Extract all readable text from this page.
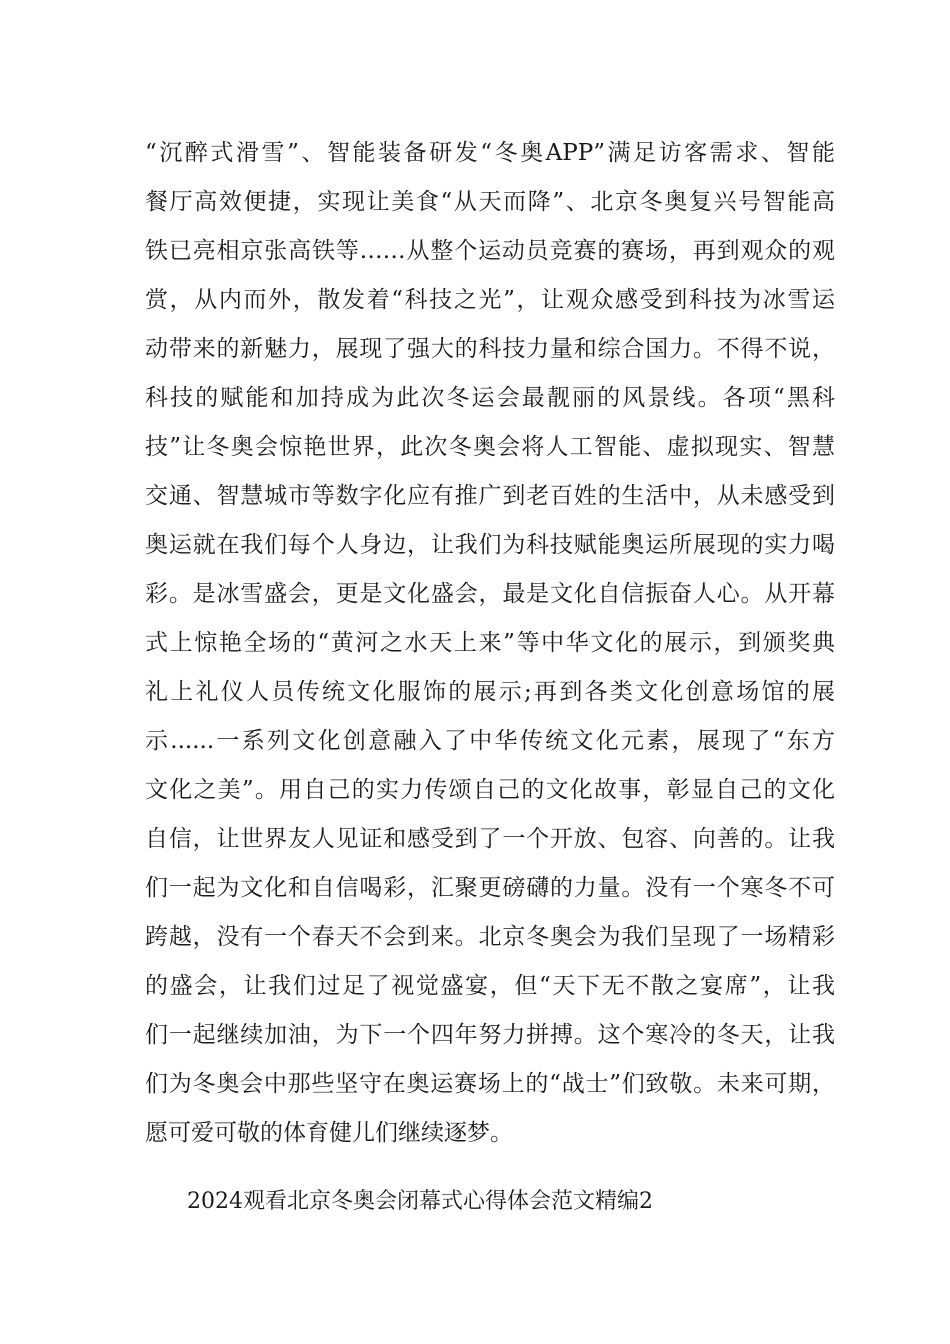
“沉醉式滑雪”、智能装备研发“冬奥APP”满足访客需求、智能
餐厅高效便捷，实现让美食“从天而降”、北京冬奥复兴号智能高
铁已亮相京张高铁等……从整个运动员竞赛的赛场，再到观众的观
赏，从内而外，散发着“科技之光”，让观众感受到科技为冰雪运
动带来的新魅力，展现了强大的科技力量和综合国力。不得不说，
科技的赋能和加持成为此次冬运会最靓丽的风景线。各项“黑科
技”让冬奥会惊艳世界，此次冬奥会将人工智能、虚拟现实、智慧
交通、智慧城市等数字化应有推广到老百姓的生活中，从未感受到
奥运就在我们每个人身边，让我们为科技赋能奥运所展现的实力喝
彩。是冰雪盛会，更是文化盛会，最是文化自信振奋人心。从开幕
式上惊艳全场的“黄河之水天上来”等中华文化的展示，到颁奖典
礼上礼仪人员传统文化服饰的展示;再到各类文化创意场馆的展
示......一系列文化创意融入了中华传统文化元素，展现了“东方
文化之美”。用自己的实力传颂自己的文化故事，彰显自己的文化
自信，让世界友人见证和感受到了一个开放、包容、向善的。让我
们一起为文化和自信喝彩，汇聚更磅礴的力量。没有一个寒冬不可
跨越，没有一个春天不会到来。北京冬奥会为我们呈现了一场精彩
的盛会，让我们过足了视觉盛宴，但“天下无不散之宴席”，让我
们一起继续加油，为下一个四年努力拼搏。这个寒冷的冬天，让我
们为冬奥会中那些坚守在奥运赛场上的“战士”们致敬。未来可期，
愿可爱可敬的体育健儿们继续逐梦。
2024观看北京冬奥会闭幕式心得体会范文精编2
